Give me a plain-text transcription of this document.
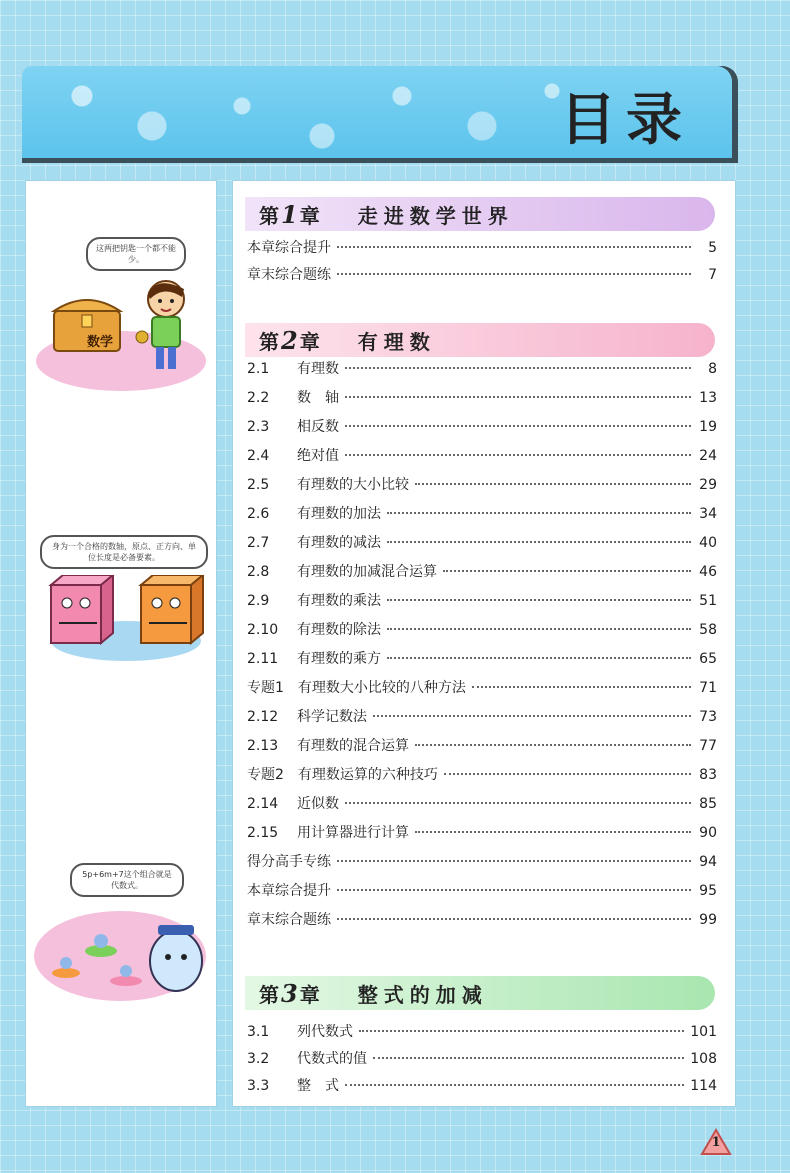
目录
这两把钥匙一个都不能少。
数学
身为一个合格的数轴，原点、正方向、单位长度是必备要素。
5p+6m+7这个组合就是代数式。
第1章 走进数学世界
本章综合提升	5
章末综合题练	7
第2章 有理数
2.1	有理数	8
2.2	数　轴	13
2.3	相反数	19
2.4	绝对值	24
2.5	有理数的大小比较	29
2.6	有理数的加法	34
2.7	有理数的减法	40
2.8	有理数的加减混合运算	46
2.9	有理数的乘法	51
2.10	有理数的除法	58
2.11	有理数的乘方	65
专题1 有理数大小比较的八种方法	71
2.12	科学记数法	73
2.13	有理数的混合运算	77
专题2 有理数运算的六种技巧	83
2.14	近似数	85
2.15	用计算器进行计算	90
得分高手专练	94
本章综合提升	95
章末综合题练	99
第3章 整式的加减
3.1	列代数式	101
3.2	代数式的值	108
3.3	整　式	114
1
